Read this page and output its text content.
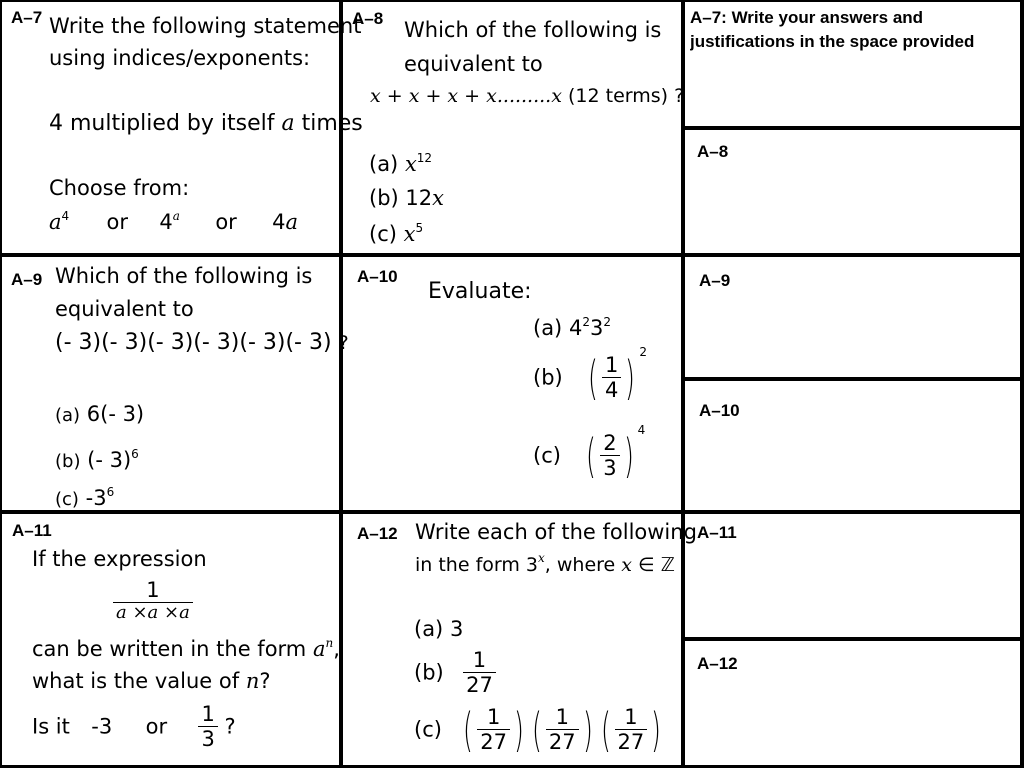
A–7 Write the following statement
using indices/exponents:
4 multiplied by itself a times
Choose from:
$a^4$ or 4$^a$ or 4a
A–8 Which of the following is
equivalent to
x + x + x + x.........x (12 terms) ?
(a) $x^{12}$
(b) 12x
(c) $x^5$
A–9 Which of the following is
equivalent to
(- 3)(- 3)(- 3)(- 3)(- 3)(- 3) ?
(a) 6(- 3)
(b) (- 3)$^6$
(c) $-3^6$
A–10
Evaluate:
(a) $4^23^2$
(b) ( $\frac{1}{4}$ ) $^2$
(c) ( $\frac{2}{3}$ ) $^4$
A–11
If the expression
$\frac{1}{a \times a \times a}$
can be written in the form $a^n$,
what is the value of n?
Is it -3 or $\frac{1}{3}$ ?
A–12 Write each of the following
in the form 3$^x$, where x ∈ ℤ
(a) 3
$(b) \frac{1}{27}$
(c) ( $\frac{1}{27}$ ) ( $\frac{1}{27}$ ) ( $\frac{1}{27}$ )
A–7: Write your answers and
justifications in the space provided
A–8
A–9
A–10
A–11
A–12
